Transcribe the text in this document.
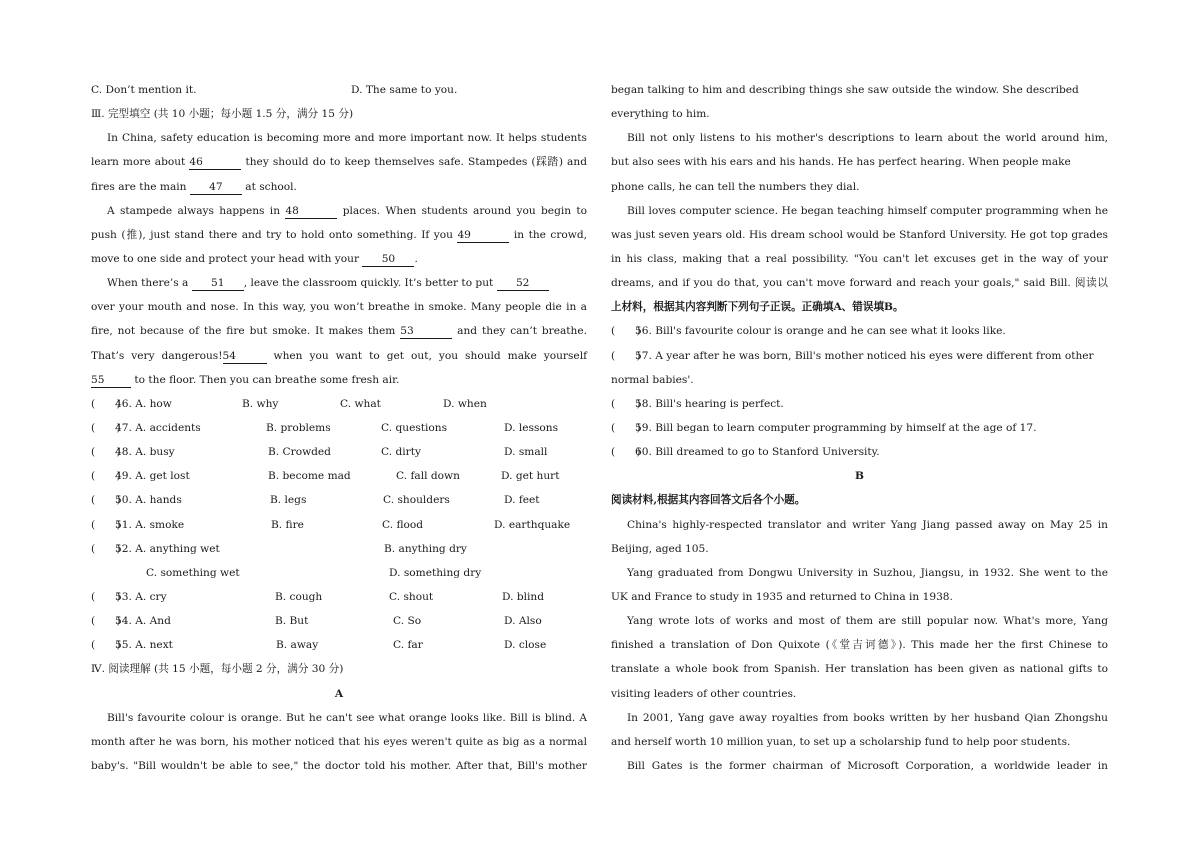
C. Don’t mention it.	D. The same to you.
Ⅲ. 完型填空 (共 10 小题；每小题 1.5 分，满分 15 分)
In China, safety education is becoming more and more important now. It helps students
learn more about 46	they should do to keep themselves safe. Stampedes (踩踏) and
fires are the main 47 at school.
A stampede always happens in 48	places. When students around you begin to
push (推), just stand there and try to hold onto something. If you 49	in the crowd,
move to one side and protect your head with your 50 .
When there’s a 51 , leave the classroom quickly. It’s better to put 52
over your mouth and nose. In this way, you won’t breathe in smoke. Many people die in a
fire, not because of the fire but smoke. It makes them 53	and they can’t breathe.
That’s very dangerous!54	when you want to get out, you should make yourself
55	to the floor. Then you can breathe some fresh air.
(　　)
46. A. how	B. why	C. what	D. when
(　　)
47. A. accidents	B. problems	C. questions	D. lessons
(　　)
48. A. busy	B. Crowded	C. dirty	D. small
(　　)
49. A. get lost	B. become mad	C. fall down	D. get hurt
(　　)
50. A. hands	B. legs	C. shoulders	D. feet
(　　)
51. A. smoke	B. fire	C. flood	D. earthquake
(　　)
52. A. anything wet	B. anything dry
C. something wet	D. something dry
(　　)
53. A. cry	B. cough	C. shout	D. blind
(　　)
54. A. And	B. But	C. So	D. Also
(　　)
55. A. next	B. away	C. far	D. close
Ⅳ. 阅读理解 (共 15 小题，每小题 2 分，满分 30 分)
A
Bill's favourite colour is orange. But he can't see what orange looks like. Bill is blind. A
month after he was born, his mother noticed that his eyes weren't quite as big as a normal
baby's. "Bill wouldn't be able to see," the doctor told his mother. After that, Bill's mother
began talking to him and describing things she saw outside the window. She described
everything to him.
Bill not only listens to his mother's descriptions to learn about the world around him,
but also sees with his ears and his hands. He has perfect hearing. When people make
phone calls, he can tell the numbers they dial.
Bill loves computer science. He began teaching himself computer programming when he
was just seven years old. His dream school would be Stanford University. He got top grades
in his class, making that a real possibility. "You can't let excuses get in the way of your
dreams, and if you do that, you can't move forward and reach your goals," said Bill. 阅读以
上材料，根据其内容判断下列句子正误。正确填A、错误填B。
(　　)
56. Bill's favourite colour is orange and he can see what it looks like.
(　　)
57. A year after he was born, Bill's mother noticed his eyes were different from other
normal babies'.
(　　)
58. Bill's hearing is perfect.
(　　)
59. Bill began to learn computer programming by himself at the age of 17.
(　　)
60. Bill dreamed to go to Stanford University.
B
阅读材料,根据其内容回答文后各个小题。
China's highly-respected translator and writer Yang Jiang passed away on May 25 in
Beijing, aged 105.
Yang graduated from Dongwu University in Suzhou, Jiangsu, in 1932. She went to the
UK and France to study in 1935 and returned to China in 1938.
Yang wrote lots of works and most of them are still popular now. What's more, Yang
finished a translation of Don Quixote (《堂吉诃德》). This made her the first Chinese to
translate a whole book from Spanish. Her translation has been given as national gifts to
visiting leaders of other countries.
In 2001, Yang gave away royalties from books written by her husband Qian Zhongshu
and herself worth 10 million yuan, to set up a scholarship fund to help poor students.
Bill Gates is the former chairman of Microsoft Corporation, a worldwide leader in
